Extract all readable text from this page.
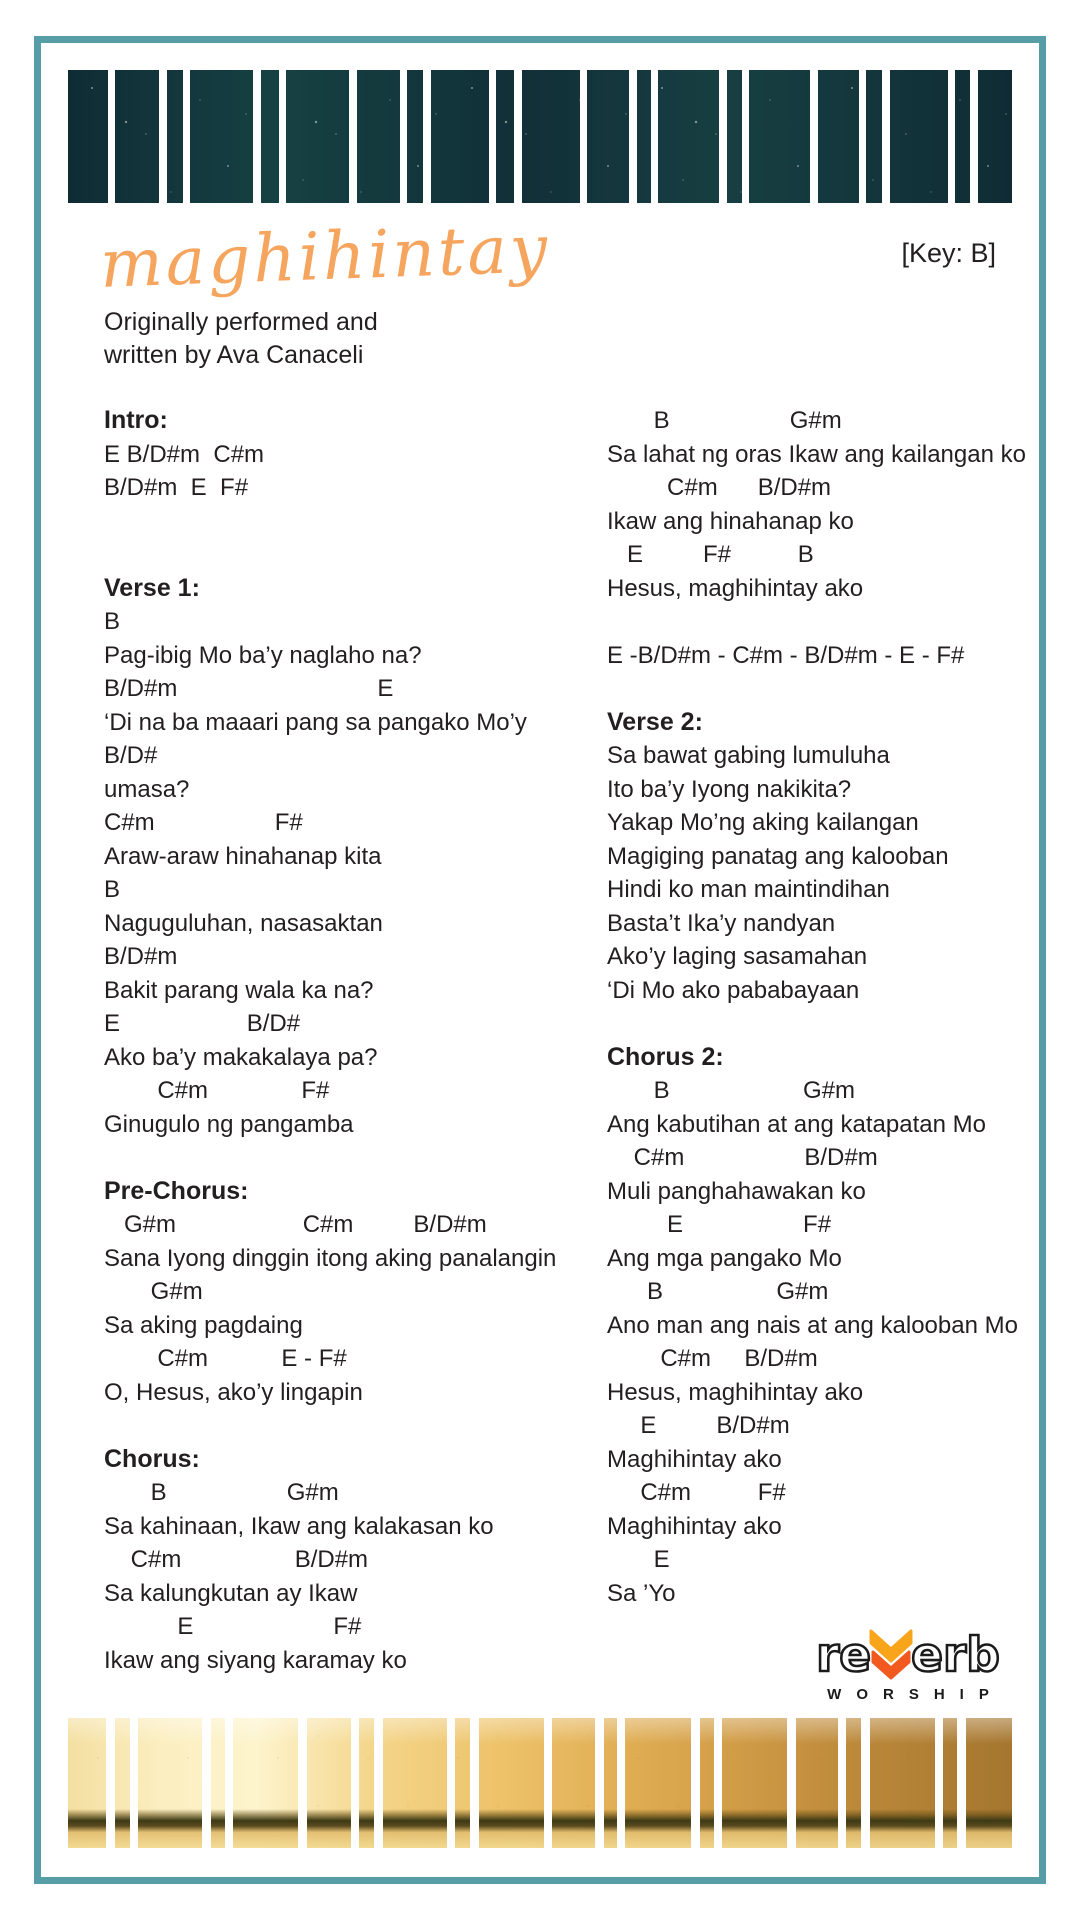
maghihintay	[Key: B]
Originally performed and
written by Ava Canaceli
Intro:
E B/D#m  C#m
B/D#m  E  F#
Verse 1:
B
Pag-ibig Mo ba’y naglaho na?
B/D#m                              E
‘Di na ba maaari pang sa pangako Mo’y
B/D#
umasa?
C#m                  F#
Araw-araw hinahanap kita
B
Naguguluhan, nasasaktan
B/D#m
Bakit parang wala ka na?
E                   B/D#
Ako ba’y makakalaya pa?
C#m              F#
Ginugulo ng pangamba
Pre-Chorus:
G#m                   C#m         B/D#m
Sana Iyong dinggin itong aking panalangin
G#m
Sa aking pagdaing
C#m           E - F#
O, Hesus, ako’y lingapin
Chorus:
B                  G#m
Sa kahinaan, Ikaw ang kalakasan ko
C#m                 B/D#m
Sa kalungkutan ay Ikaw
E                     F#
Ikaw ang siyang karamay ko
B                  G#m
Sa lahat ng oras Ikaw ang kailangan ko
C#m      B/D#m
Ikaw ang hinahanap ko
E         F#          B
Hesus, maghihintay ako
E -B/D#m - C#m - B/D#m - E - F#
Verse 2:
Sa bawat gabing lumuluha
Ito ba’y Iyong nakikita?
Yakap Mo’ng aking kailangan
Magiging panatag ang kalooban
Hindi ko man maintindihan
Basta’t Ika’y nandyan
Ako’y laging sasamahan
‘Di Mo ako pababayaan
Chorus 2:
B                    G#m
Ang kabutihan at ang katapatan Mo
C#m                  B/D#m
Muli panghahawakan ko
E                  F#
Ang mga pangako Mo
B                 G#m
Ano man ang nais at ang kalooban Mo
C#m     B/D#m
Hesus, maghihintay ako
E         B/D#m
Maghihintay ako
C#m          F#
Maghihintay ako
E
Sa ’Yo
re erb
WORSHIP
